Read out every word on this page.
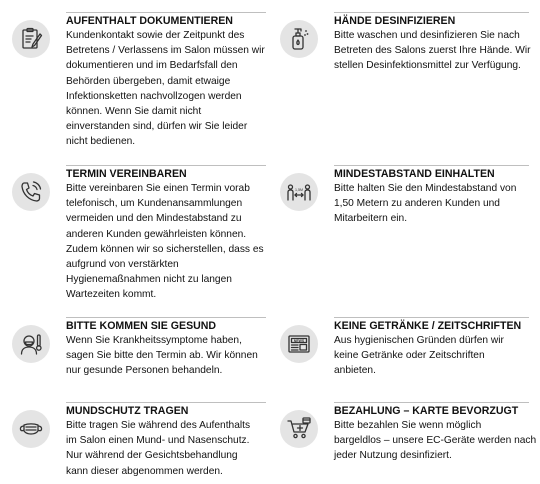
AUFENTHALT DOKUMENTIEREN

Kundenkontakt sowie der Zeitpunkt des
Betretens / Verlassens im Salon müssen wir
dokumentieren und im Bedarfsfall den
Behörden übergeben, damit etwaige
Infektionsketten nachvollzogen werden
können. Wenn Sie damit nicht
einverstanden sind, dürfen wir Sie leider
nicht bedienen.

HÄNDE DESINFIZIEREN

Bitte waschen und desinfizieren Sie nach
Betreten des Salons zuerst Ihre Hände. Wir
stellen Desinfektionsmittel zur Verfügung.

TERMIN VEREINBAREN

Bitte vereinbaren Sie einen Termin vorab
telefonisch, um Kundenansammlungen
vermeiden und den Mindestabstand zu
anderen Kunden gewährleisten können.
Zudem können wir so sicherstellen, dass es
aufgrund von verstärkten
Hygienemaßnahmen nicht zu langen
Wartezeiten kommt.

1,5M
MINDESTABSTAND EINHALTEN

Bitte halten Sie den Mindestabstand von
1,50 Metern zu anderen Kunden und
Mitarbeitern ein.

BITTE KOMMEN SIE GESUND

Wenn Sie Krankheitssymptome haben,
sagen Sie bitte den Termin ab. Wir können
nur gesunde Personen behandeln.

NEWS
KEINE GETRÄNKE / ZEITSCHRIFTEN

Aus hygienischen Gründen dürfen wir
keine Getränke oder Zeitschriften
anbieten.

MUNDSCHUTZ TRAGEN

Bitte tragen Sie während des Aufenthalts
im Salon einen Mund- und Nasenschutz.
Nur während der Gesichtsbehandlung
kann dieser abgenommen werden.

BEZAHLUNG – KARTE BEVORZUGT

Bitte bezahlen Sie wenn möglich
bargeldlos – unsere EC-Geräte werden nach
jeder Nutzung desinfiziert.
